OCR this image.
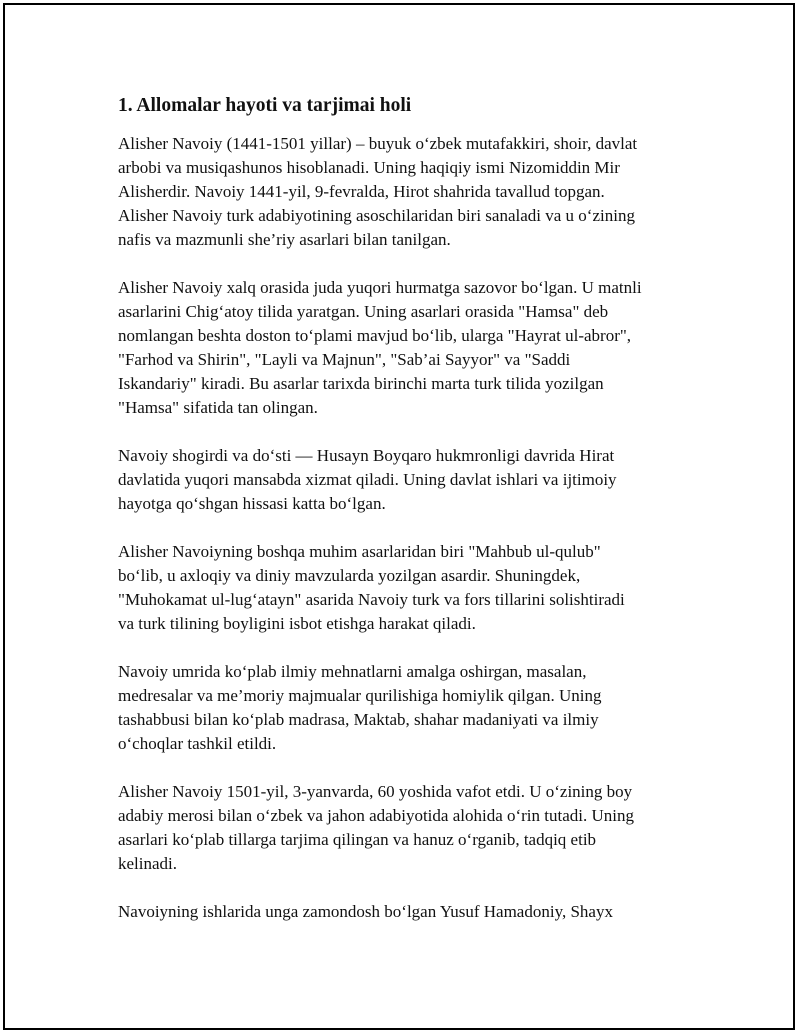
1. Allomalar hayoti va tarjimai holi
Alisher Navoiy (1441-1501 yillar) – buyuk o‘zbek mutafakkiri, shoir, davlat
arbobi va musiqashunos hisoblanadi. Uning haqiqiy ismi Nizomiddin Mir
Alisherdir. Navoiy 1441-yil, 9-fevralda, Hirot shahrida tavallud topgan.
Alisher Navoiy turk adabiyotining asoschilaridan biri sanaladi va u o‘zining
nafis va mazmunli she’riy asarlari bilan tanilgan.
Alisher Navoiy xalq orasida juda yuqori hurmatga sazovor bo‘lgan. U matnli
asarlarini Chig‘atoy tilida yaratgan. Uning asarlari orasida "Hamsa" deb
nomlangan beshta doston to‘plami mavjud bo‘lib, ularga "Hayrat ul-abror",
"Farhod va Shirin", "Layli va Majnun", "Sab’ai Sayyor" va "Saddi
Iskandariy" kiradi. Bu asarlar tarixda birinchi marta turk tilida yozilgan
"Hamsa" sifatida tan olingan.
Navoiy shogirdi va do‘sti — Husayn Boyqaro hukmronligi davrida Hirat
davlatida yuqori mansabda xizmat qiladi. Uning davlat ishlari va ijtimoiy
hayotga qo‘shgan hissasi katta bo‘lgan.
Alisher Navoiyning boshqa muhim asarlaridan biri "Mahbub ul-qulub"
bo‘lib, u axloqiy va diniy mavzularda yozilgan asardir. Shuningdek,
"Muhokamat ul-lug‘atayn" asarida Navoiy turk va fors tillarini solishtiradi
va turk tilining boyligini isbot etishga harakat qiladi.
Navoiy umrida ko‘plab ilmiy mehnatlarni amalga oshirgan, masalan,
medresalar va me’moriy majmualar qurilishiga homiylik qilgan. Uning
tashabbusi bilan ko‘plab madrasa, Maktab, shahar madaniyati va ilmiy
o‘choqlar tashkil etildi.
Alisher Navoiy 1501-yil, 3-yanvarda, 60 yoshida vafot etdi. U o‘zining boy
adabiy merosi bilan o‘zbek va jahon adabiyotida alohida o‘rin tutadi. Uning
asarlari ko‘plab tillarga tarjima qilingan va hanuz o‘rganib, tadqiq etib
kelinadi.
Navoiyning ishlarida unga zamondosh bo‘lgan Yusuf Hamadoniy, Shayx
